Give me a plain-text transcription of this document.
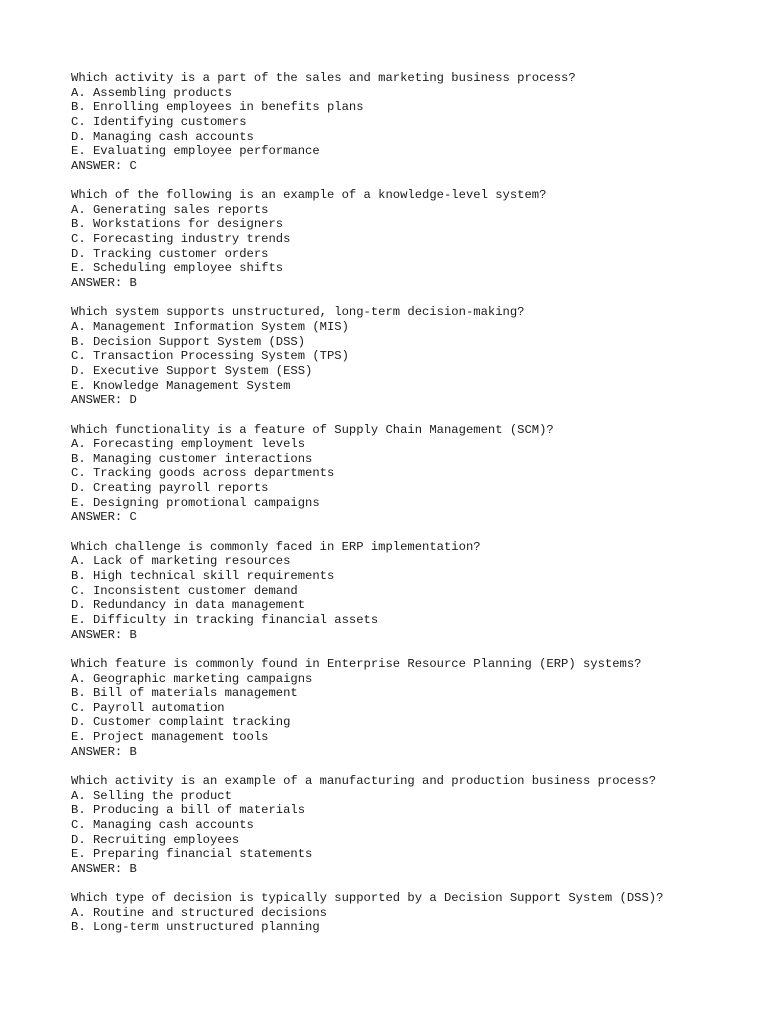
Which activity is a part of the sales and marketing business process?
A. Assembling products
B. Enrolling employees in benefits plans
C. Identifying customers
D. Managing cash accounts
E. Evaluating employee performance
ANSWER: C
Which of the following is an example of a knowledge-level system?
A. Generating sales reports
B. Workstations for designers
C. Forecasting industry trends
D. Tracking customer orders
E. Scheduling employee shifts
ANSWER: B
Which system supports unstructured, long-term decision-making?
A. Management Information System (MIS)
B. Decision Support System (DSS)
C. Transaction Processing System (TPS)
D. Executive Support System (ESS)
E. Knowledge Management System
ANSWER: D
Which functionality is a feature of Supply Chain Management (SCM)?
A. Forecasting employment levels
B. Managing customer interactions
C. Tracking goods across departments
D. Creating payroll reports
E. Designing promotional campaigns
ANSWER: C
Which challenge is commonly faced in ERP implementation?
A. Lack of marketing resources
B. High technical skill requirements
C. Inconsistent customer demand
D. Redundancy in data management
E. Difficulty in tracking financial assets
ANSWER: B
Which feature is commonly found in Enterprise Resource Planning (ERP) systems?
A. Geographic marketing campaigns
B. Bill of materials management
C. Payroll automation
D. Customer complaint tracking
E. Project management tools
ANSWER: B
Which activity is an example of a manufacturing and production business process?
A. Selling the product
B. Producing a bill of materials
C. Managing cash accounts
D. Recruiting employees
E. Preparing financial statements
ANSWER: B
Which type of decision is typically supported by a Decision Support System (DSS)?
A. Routine and structured decisions
B. Long-term unstructured planning
